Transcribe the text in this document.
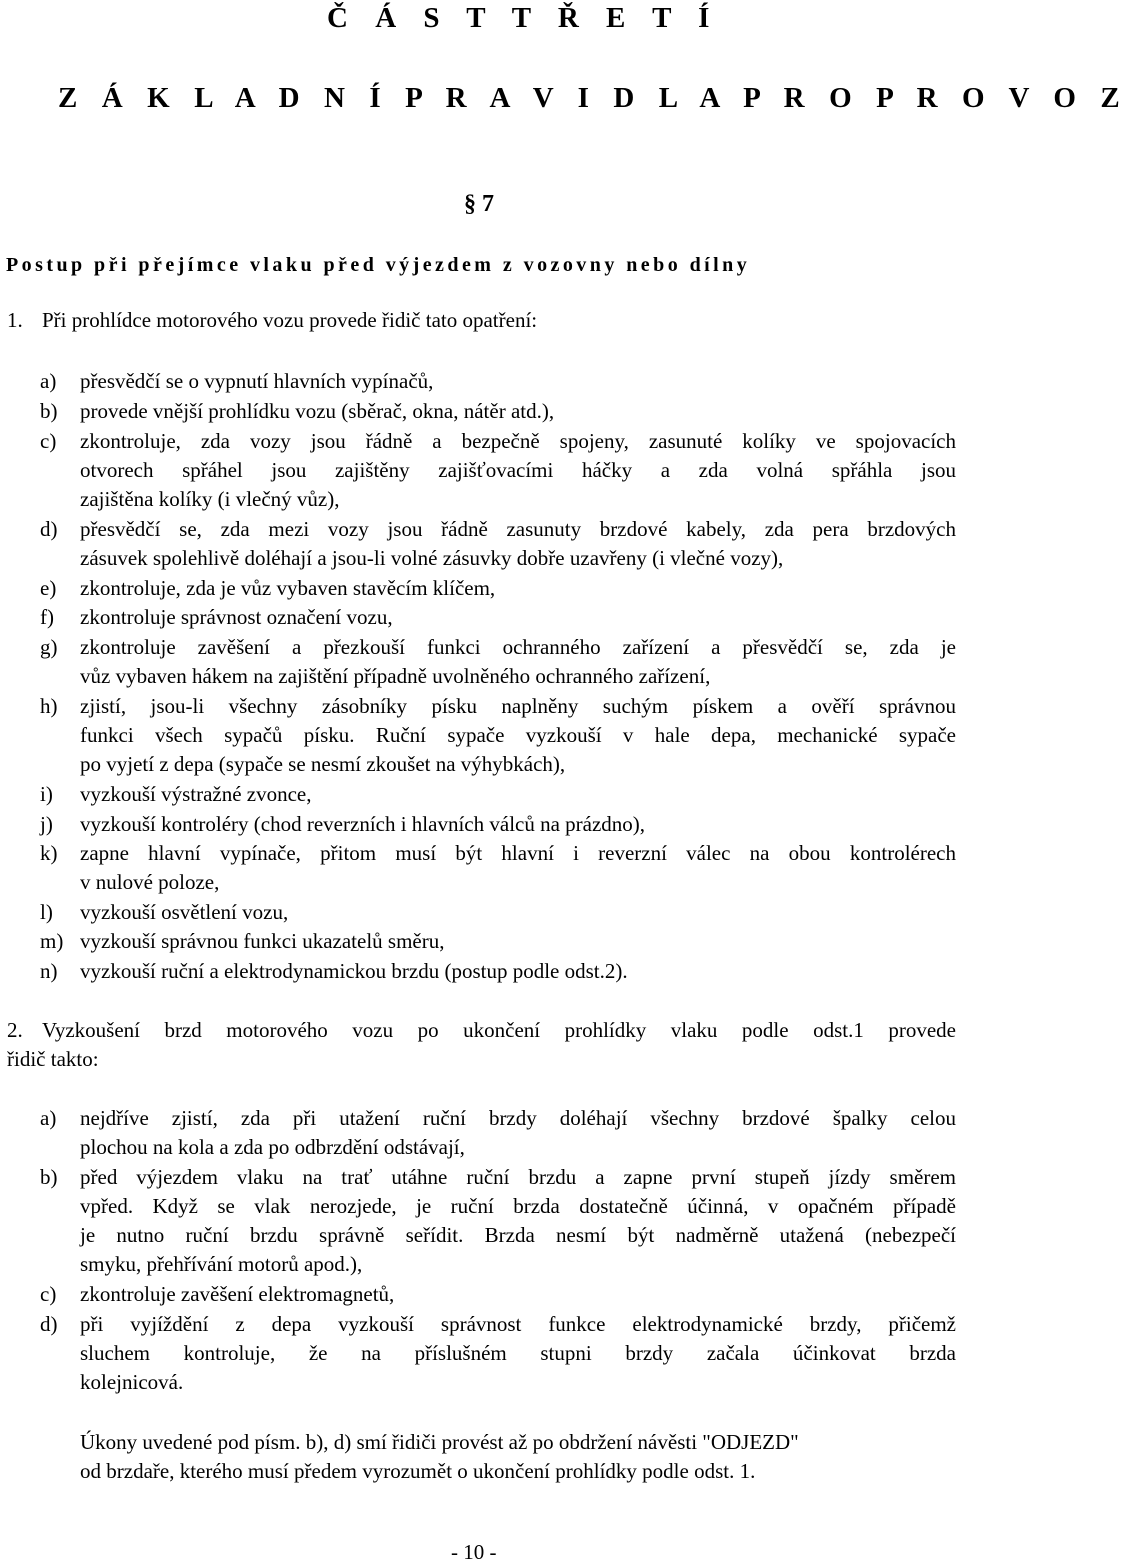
Č Á S T T Ř E T Í
Z Á K L A D N Í P R A V I D L A P R O P R O V O Z
§ 7
Postup při přejímce vlaku před výjezdem z vozovny nebo dílny
1. Při prohlídce motorového vozu provede řidič tato opatření:
a) přesvědčí se o vypnutí hlavních vypínačů,
b) provede vnější prohlídku vozu (sběrač, okna, nátěr atd.),
c) zkontroluje, zda vozy jsou řádně a bezpečně spojeny, zasunuté kolíky ve spojovacích
otvorech spřáhel jsou zajištěny zajišťovacími háčky a zda volná spřáhla jsou
zajištěna kolíky (i vlečný vůz),
d) přesvědčí se, zda mezi vozy jsou řádně zasunuty brzdové kabely, zda pera brzdových
zásuvek spolehlivě doléhají a jsou-li volné zásuvky dobře uzavřeny (i vlečné vozy),
e) zkontroluje, zda je vůz vybaven stavěcím klíčem,
f) zkontroluje správnost označení vozu,
g) zkontroluje zavěšení a přezkouší funkci ochranného zařízení a přesvědčí se, zda je
vůz vybaven hákem na zajištění případně uvolněného ochranného zařízení,
h) zjistí, jsou-li všechny zásobníky písku naplněny suchým pískem a ověří správnou
funkci všech sypačů písku. Ruční sypače vyzkouší v hale depa, mechanické sypače
po vyjetí z depa (sypače se nesmí zkoušet na výhybkách),
i) vyzkouší výstražné zvonce,
j) vyzkouší kontroléry (chod reverzních i hlavních válců na prázdno),
k) zapne hlavní vypínače, přitom musí být hlavní i reverzní válec na obou kontrolérech
v nulové poloze,
l) vyzkouší osvětlení vozu,
m) vyzkouší správnou funkci ukazatelů směru,
n) vyzkouší ruční a elektrodynamickou brzdu (postup podle odst.2).
2. Vyzkoušení brzd motorového vozu po ukončení prohlídky vlaku podle odst.1 provede
řidič takto:
a) nejdříve zjistí, zda při utažení ruční brzdy doléhají všechny brzdové špalky celou
plochou na kola a zda po odbrzdění odstávají,
b) před výjezdem vlaku na trať utáhne ruční brzdu a zapne první stupeň jízdy směrem
vpřed. Když se vlak nerozjede, je ruční brzda dostatečně účinná, v opačném případě
je nutno ruční brzdu správně seřídit. Brzda nesmí být nadměrně utažená (nebezpečí
smyku, přehřívání motorů apod.),
c) zkontroluje zavěšení elektromagnetů,
d) při vyjíždění z depa vyzkouší správnost funkce elektrodynamické brzdy, přičemž
sluchem kontroluje, že na příslušném stupni brzdy začala účinkovat brzda
kolejnicová.
Úkony uvedené pod písm. b), d) smí řidiči provést až po obdržení návěsti "ODJEZD"
od brzdaře, kterého musí předem vyrozumět o ukončení prohlídky podle odst. 1.
- 10 -
